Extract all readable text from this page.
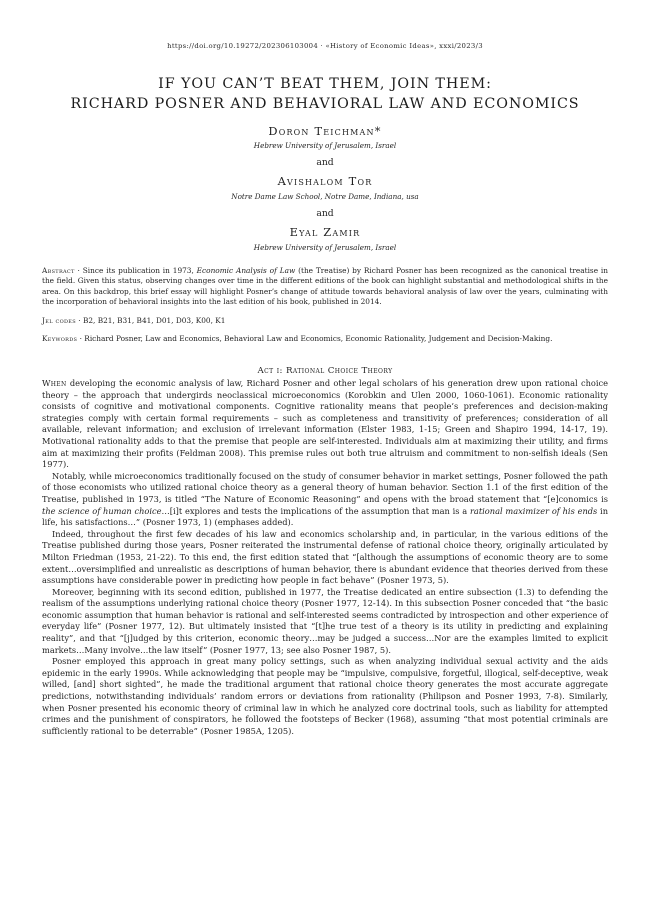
https://doi.org/10.19272/202306103004 · «History of Economic Ideas», xxxi/2023/3
IF YOU CAN’T BEAT THEM, JOIN THEM:
RICHARD POSNER AND BEHAVIORAL LAW AND ECONOMICS
Doron Teichman*
Hebrew University of Jerusalem, Israel
and
Avishalom Tor
Notre Dame Law School, Notre Dame, Indiana, usa
and
Eyal Zamir
Hebrew University of Jerusalem, Israel
Abstract · Since its publication in 1973, Economic Analysis of Law (the Treatise) by Richard Posner has been recognized as the canonical treatise in the field. Given this status, observing changes over time in the different editions of the book can highlight substantial and methodological shifts in the area. On this backdrop, this brief essay will highlight Posner’s change of attitude towards behavioral analysis of law over the years, culminating with the incorporation of behavioral insights into the last edition of his book, published in 2014.
Jel codes · B2, B21, B31, B41, D01, D03, K00, K1
Keywords · Richard Posner, Law and Economics, Behavioral Law and Economics, Economic Rationality, Judgement and Decision-Making.
Act i: Rational Choice Theory

When developing the economic analysis of law, Richard Posner and other legal scholars of his generation drew upon rational choice theory – the approach that undergirds neoclassical microeconomics (Korobkin and Ulen 2000, 1060-1061). Economic rationality consists of cognitive and motivational components. Cognitive rationality means that people’s preferences and decision-making strategies comply with certain formal requirements – such as completeness and transitivity of preferences; consideration of all available, relevant information; and exclusion of irrelevant information (Elster 1983, 1-15; Green and Shapiro 1994, 14-17, 19). Motivational rationality adds to that the premise that people are self-interested. Individuals aim at maximizing their utility, and firms aim at maximizing their profits (Feldman 2008). This premise rules out both true altruism and commitment to non-selfish ideals (Sen 1977).

Notably, while microeconomics traditionally focused on the study of consumer behavior in market settings, Posner followed the path of those economists who utilized rational choice theory as a general theory of human behavior. Section 1.1 of the first edition of the Treatise, published in 1973, is titled “The Nature of Economic Reasoning” and opens with the broad statement that “[e]conomics is the science of human choice…[i]t explores and tests the implications of the assumption that man is a rational maximizer of his ends in life, his satisfactions…” (Posner 1973, 1) (emphases added).

Indeed, throughout the first few decades of his law and economics scholarship and, in particular, in the various editions of the Treatise published during those years, Posner reiterated the instrumental defense of rational choice theory, originally articulated by Milton Friedman (1953, 21-22). To this end, the first edition stated that “[although the assumptions of economic theory are to some extent…oversimplified and unrealistic as descriptions of human behavior, there is abundant evidence that theories derived from these assumptions have considerable power in predicting how people in fact behave” (Posner 1973, 5).

Moreover, beginning with its second edition, published in 1977, the Treatise dedicated an entire subsection (1.3) to defending the realism of the assumptions underlying rational choice theory (Posner 1977, 12-14). In this subsection Posner conceded that “the basic economic assumption that human behavior is rational and self-interested seems contradicted by introspection and other experience of everyday life” (Posner 1977, 12). But ultimately insisted that “[t]he true test of a theory is its utility in predicting and explaining reality”, and that “[j]udged by this criterion, economic theory…may be judged a success…Nor are the examples limited to explicit markets…Many involve…the law itself” (Posner 1977, 13; see also Posner 1987, 5).

Posner employed this approach in great many policy settings, such as when analyzing individual sexual activity and the aids epidemic in the early 1990s. While acknowledging that people may be “impulsive, compulsive, forgetful, illogical, self-deceptive, weak willed, [and] short sighted”, he made the traditional argument that rational choice theory generates the most accurate aggregate predictions, notwithstanding individuals’ random errors or deviations from rationality (Philipson and Posner 1993, 7-8). Similarly, when Posner presented his economic theory of criminal law in which he analyzed core doctrinal tools, such as liability for attempted crimes and the punishment of conspirators, he followed the footsteps of Becker (1968), assuming “that most potential criminals are sufficiently rational to be deterrable” (Posner 1985A, 1205).
